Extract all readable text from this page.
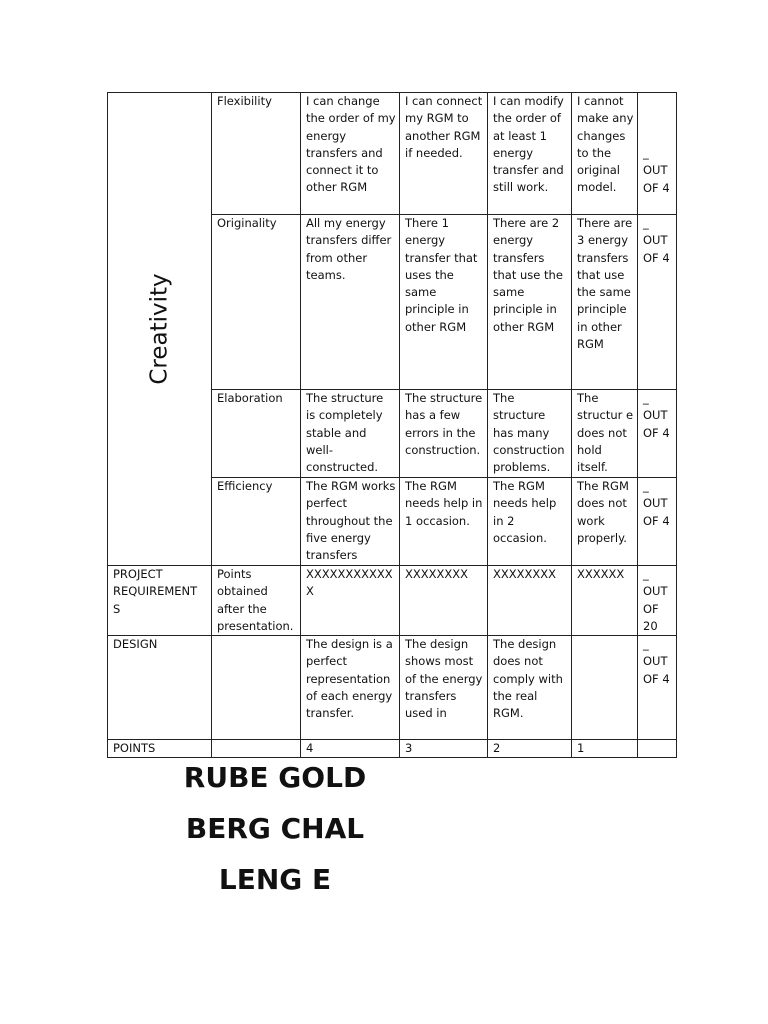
Creativity	Flexibility	I can change the order of my energy transfers and connect it to other RGM	I can connect my RGM to another RGM if needed.	I can modify the order of at least 1 energy transfer and still work.	I cannot make any changes to the original model.	_ OUT OF 4

	Originality	All my energy transfers differ from other teams.	There 1 energy transfer that uses the same principle in other RGM	There are 2 energy transfers that use the same principle in other RGM	There are 3 energy transfers that use the same principle in other RGM	_ OUT OF 4

	Elaboration	The structure is completely stable and well-constructed.	The structure has a few errors in the construction.	The structure has many construction problems.	The structur e does not hold itself.	_ OUT OF 4

	Efficiency	The RGM works perfect throughout the five energy transfers	The RGM needs help in 1 occasion.	The RGM needs help in 2 occasion.	The RGM does not work properly.	_ OUT OF 4

PROJECT REQUIREMENT S	Points obtained after the presentation.	XXXXXXXXXXXX	XXXXXXXX	XXXXXXXX	XXXXXX	_ OUT OF 20

DESIGN		The design is a perfect representation of each energy transfer.	The design shows most of the energy transfers used in	The design does not comply with the real RGM.		_ OUT OF 4

POINTS		4	3	2	1	
RUBE GOLDBERG CHALLENG E
